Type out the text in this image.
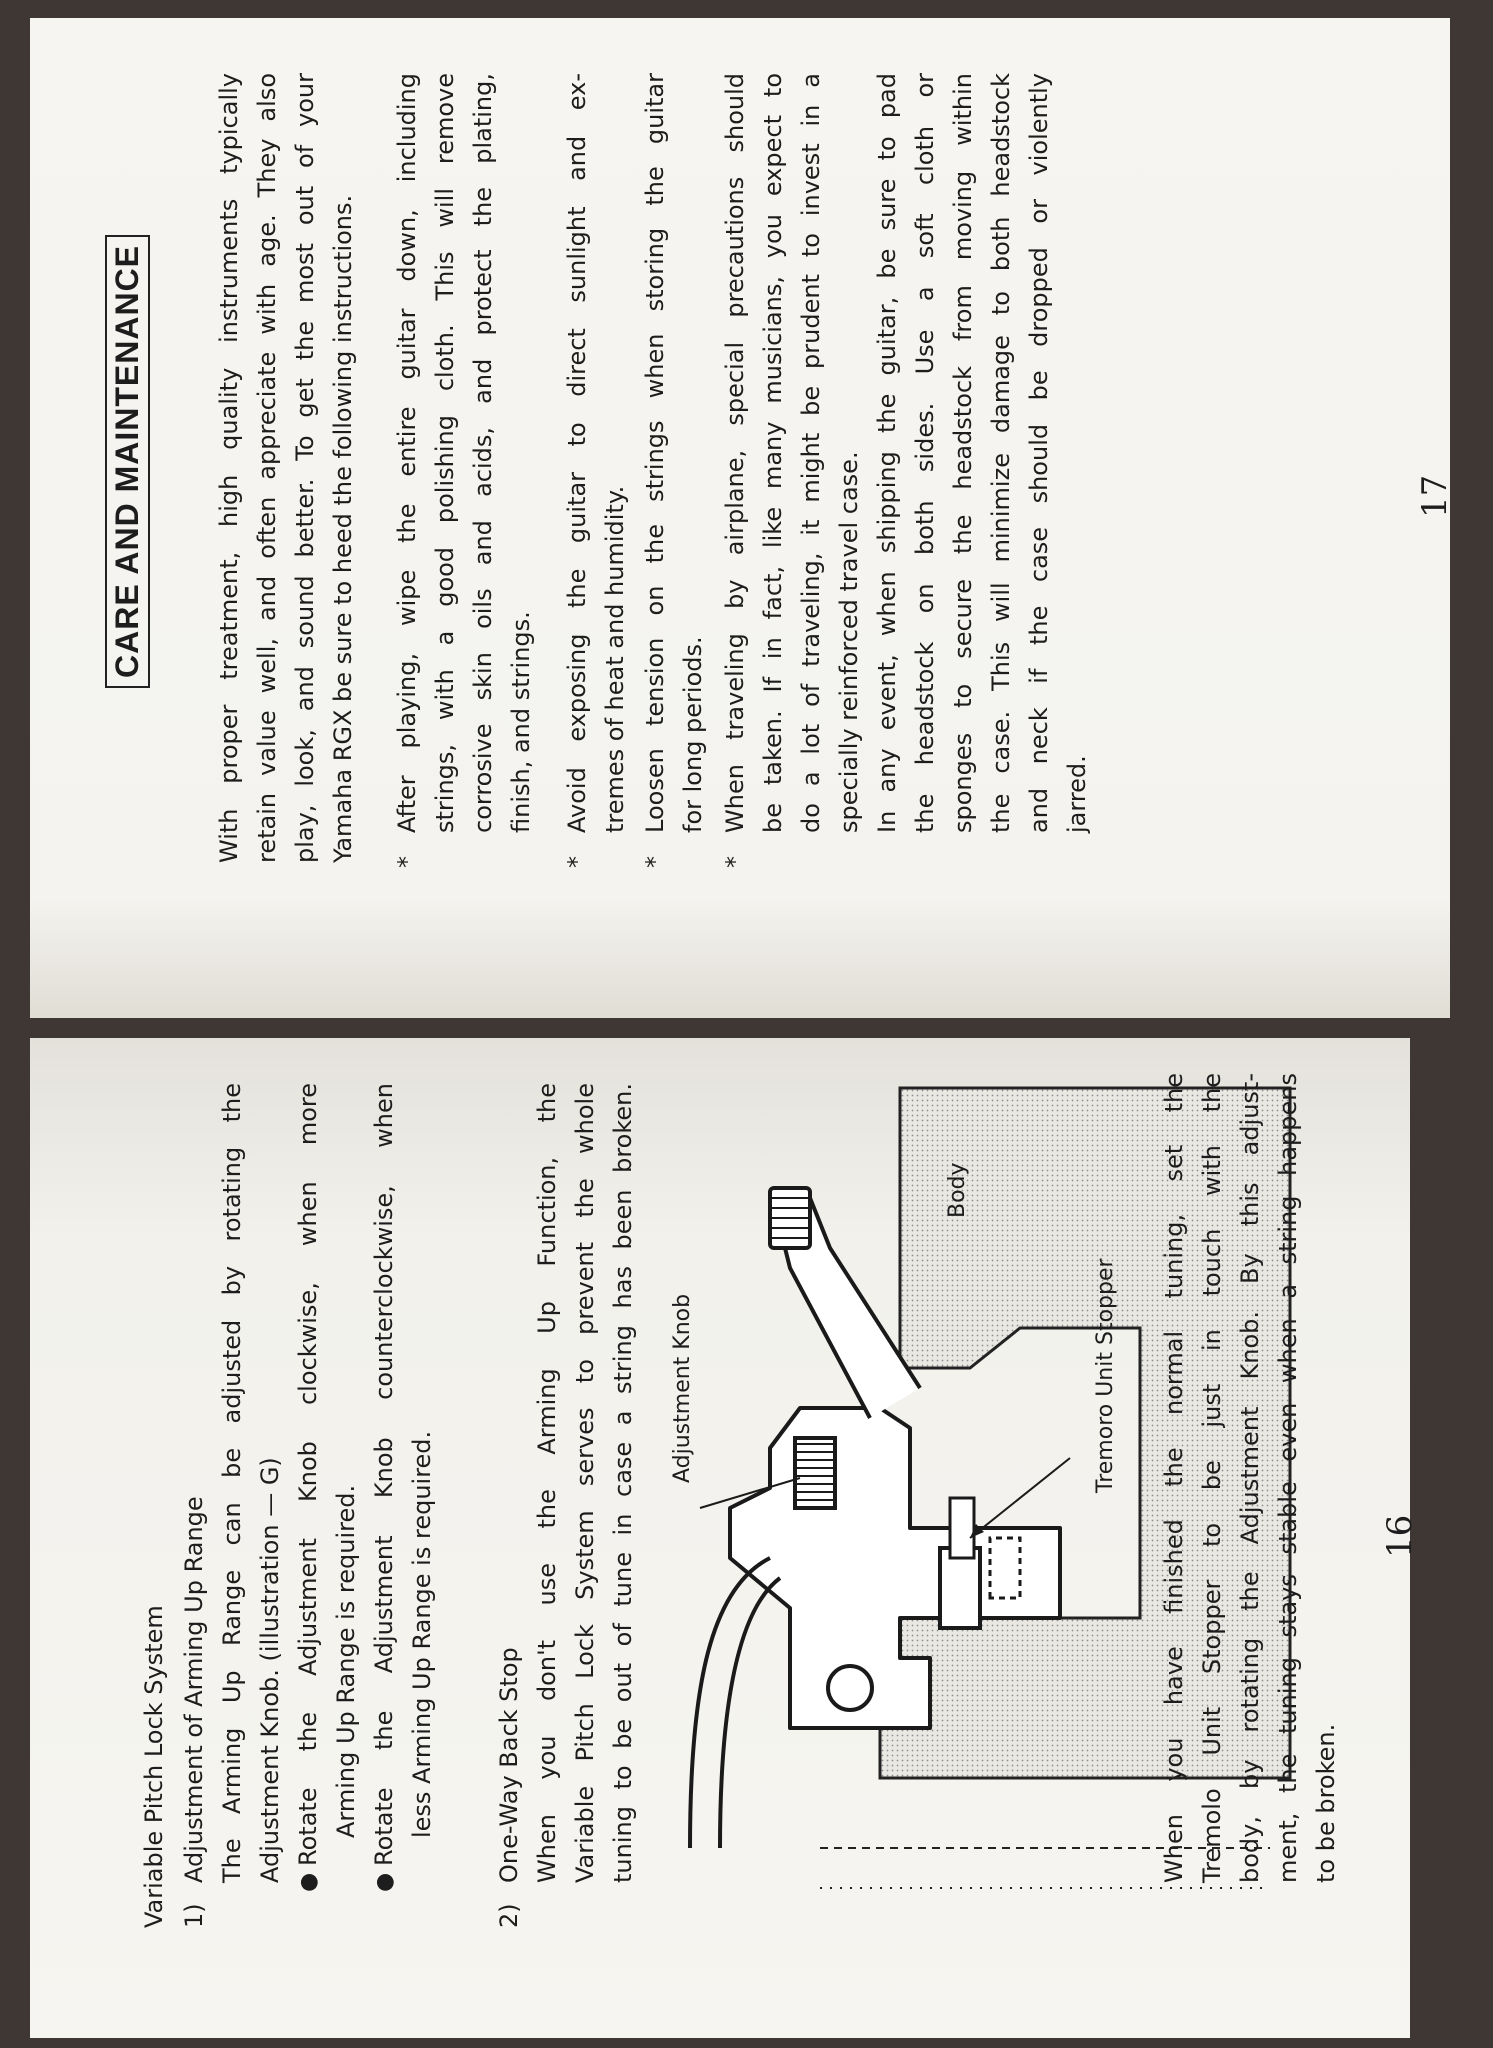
Variable Pitch Lock System 1)
Adjustment of Arming Up Range The Arming Up Range can be adjusted by rotating the Adjustment Knob. (illustration — G) ●
Rotate the Adjustment Knob clockwise, when more Arming Up Range is required.
●
Rotate the Adjustment Knob counterclockwise, when less Arming Up Range is required.
2)
One-Way Back Stop When you don't use the Arming Up Function, the Variable Pitch Lock System serves to prevent the whole tuning to be out of tune in case a string has been broken. Adjustment Knob
Body
Tremoro Unit Stopper When you have finished the normal tuning, set the Tremolo Unit Stopper to be just in touch with the body, by rotating the Adjustment Knob. By this adjust- ment, the tuning stays stable even when a string happens to be broken.
16
CARE AND MAINTENANCE	With proper treatment, high quality instruments typically retain value well, and often appreciate with age. They also play, look, and sound better. To get the most out of your Yamaha RGX be sure to heed the following instructions. *
After playing, wipe the entire guitar down, including strings, with a good polishing cloth. This will remove corrosive skin oils and acids, and protect the plating, finish, and strings.
*
Avoid exposing the guitar to direct sunlight and ex- tremes of heat and humidity.
*
Loosen tension on the strings when storing the guitar for long periods.
*
When traveling by airplane, special precautions should be taken. If in fact, like many musicians, you expect to do a lot of traveling, it might be prudent to invest in a specially reinforced travel case. In any event, when shipping the guitar, be sure to pad the headstock on both sides. Use a soft cloth or sponges to secure the headstock from moving within the case. This will minimize damage to both headstock and neck if the case should be dropped or violently jarred.
17
